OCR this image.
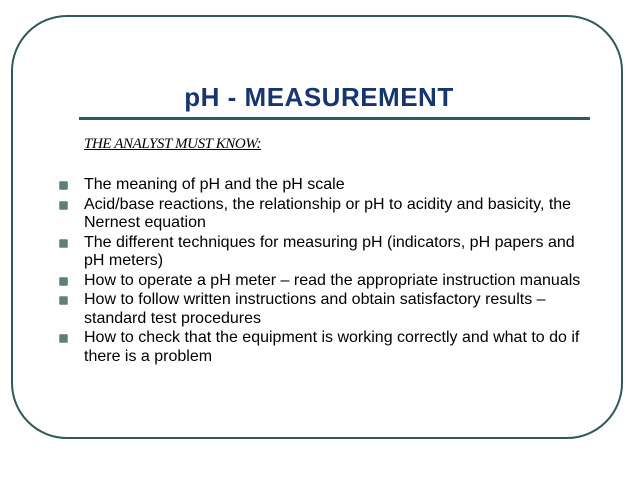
pH - MEASUREMENT
THE ANALYST MUST KNOW:
The meaning of pH and the pH scale
Acid/base reactions, the relationship or pH to acidity and basicity, the Nernest equation
The different techniques for measuring pH (indicators, pH papers and pH meters)
How to operate a pH meter – read the appropriate instruction manuals
How to follow written instructions and obtain satisfactory results – standard test procedures
How to check that the equipment is working correctly and what to do if there is a problem
